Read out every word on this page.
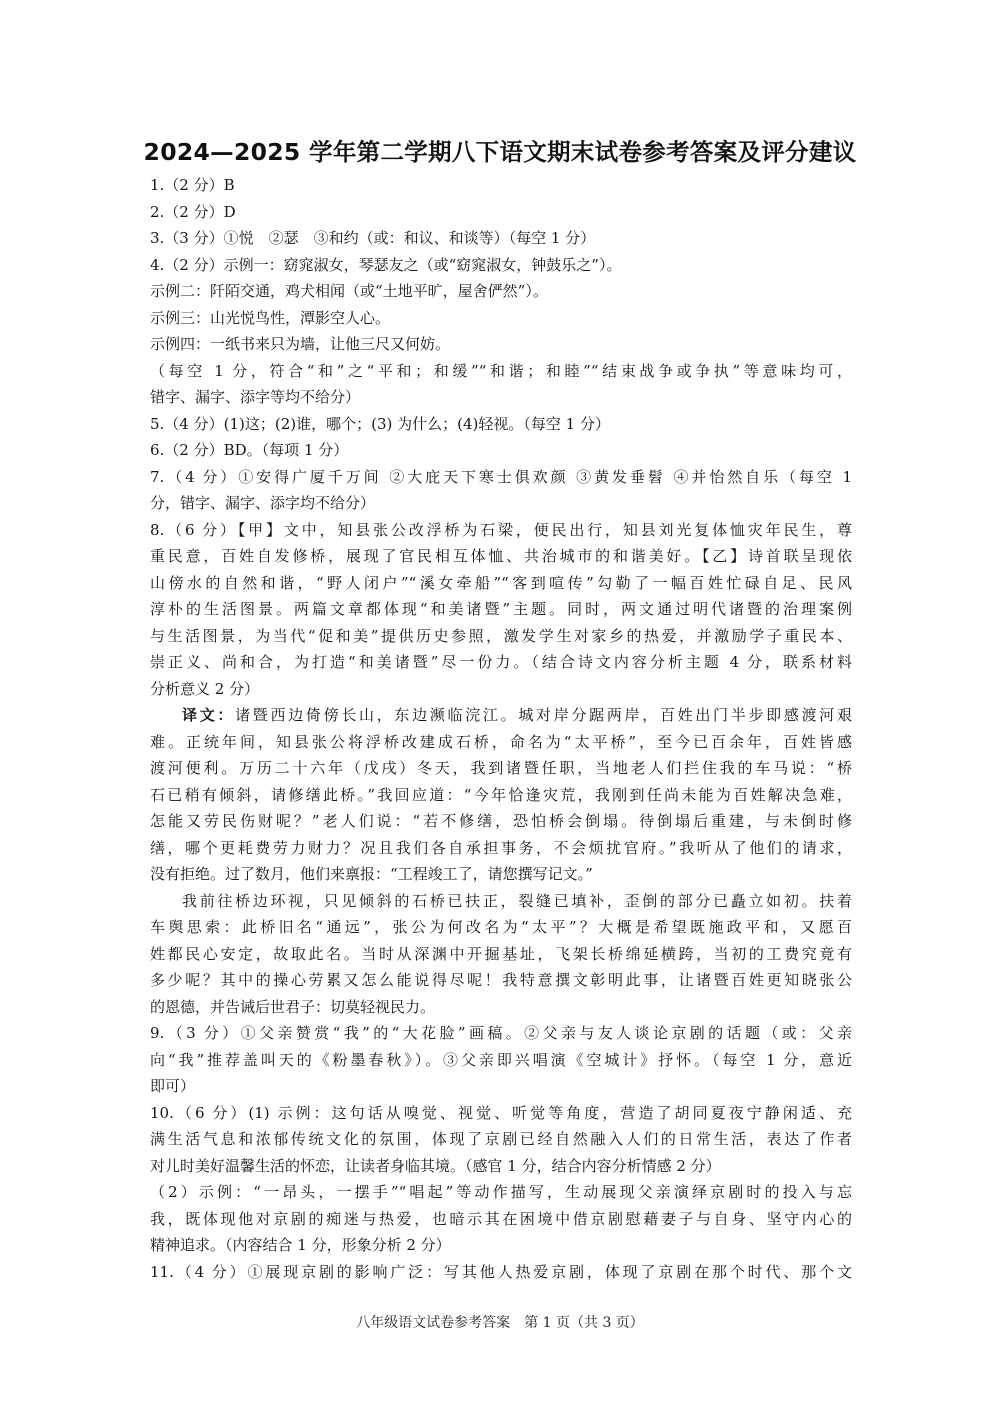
2024—2025 学年第二学期八下语文期末试卷参考答案及评分建议
1.（2 分）B
2.（2 分）D
3.（3 分）①悦　②瑟　③和约（或：和议、和谈等）（每空 1 分）
4.（2 分）示例一：窈窕淑女，琴瑟友之（或“窈窕淑女，钟鼓乐之”）。
示例二：阡陌交通，鸡犬相闻（或“土地平旷，屋舍俨然”）。
示例三：山光悦鸟性，潭影空人心。
示例四：一纸书来只为墙，让他三尺又何妨。
（每空 1 分，符合“和”之“平和；和缓”“和谐；和睦”“结束战争或争执”等意味均可，
错字、漏字、添字等均不给分）
5.（4 分）(1)这；(2)谁，哪个；(3) 为什么；(4)轻视。（每空 1 分）
6.（2 分）BD。（每项 1 分）
7.（4 分）①安得广厦千万间 ②大庇天下寒士俱欢颜 ③黄发垂髫 ④并怡然自乐（每空 1
分，错字、漏字、添字均不给分）
8.（6 分）【甲】文中，知县张公改浮桥为石梁，便民出行，知县刘光复体恤灾年民生，尊
重民意，百姓自发修桥，展现了官民相互体恤、共治城市的和谐美好。【乙】诗首联呈现依
山傍水的自然和谐，“野人闭户”“溪女牵船”“客到喧传”勾勒了一幅百姓忙碌自足、民风
淳朴的生活图景。两篇文章都体现“和美诸暨”主题。同时，两文通过明代诸暨的治理案例
与生活图景，为当代“促和美”提供历史参照，激发学生对家乡的热爱，并激励学子重民本、
崇正义、尚和合，为打造“和美诸暨”尽一份力。（结合诗文内容分析主题 4 分，联系材料
分析意义 2 分）
译文：诸暨西边倚傍长山，东边濒临浣江。城对岸分踞两岸，百姓出门半步即感渡河艰
难。正统年间，知县张公将浮桥改建成石桥，命名为“太平桥”，至今已百余年，百姓皆感
渡河便利。万历二十六年（戊戌）冬天，我到诸暨任职，当地老人们拦住我的车马说：“桥
石已稍有倾斜，请修缮此桥。”我回应道：“今年恰逢灾荒，我刚到任尚未能为百姓解决急难，
怎能又劳民伤财呢？”老人们说：“若不修缮，恐怕桥会倒塌。待倒塌后重建，与未倒时修
缮，哪个更耗费劳力财力？况且我们各自承担事务，不会烦扰官府。”我听从了他们的请求，
没有拒绝。过了数月，他们来禀报：“工程竣工了，请您撰写记文。”
我前往桥边环视，只见倾斜的石桥已扶正，裂缝已填补，歪倒的部分已矗立如初。扶着
车舆思索：此桥旧名“通远”，张公为何改名为“太平”？大概是希望既施政平和，又愿百
姓都民心安定，故取此名。当时从深渊中开掘基址，飞架长桥绵延横跨，当初的工费究竟有
多少呢？其中的操心劳累又怎么能说得尽呢！我特意撰文彰明此事，让诸暨百姓更知晓张公
的恩德，并告诫后世君子：切莫轻视民力。
9.（3 分）①父亲赞赏“我”的“大花脸”画稿。②父亲与友人谈论京剧的话题（或：父亲
向“我”推荐盖叫天的《粉墨春秋》）。③父亲即兴唱演《空城计》抒怀。（每空 1 分，意近
即可）
10.（6 分）(1) 示例：这句话从嗅觉、视觉、听觉等角度，营造了胡同夏夜宁静闲适、充
满生活气息和浓郁传统文化的氛围，体现了京剧已经自然融入人们的日常生活，表达了作者
对儿时美好温馨生活的怀恋，让读者身临其境。（感官 1 分，结合内容分析情感 2 分）
（2）示例：“一昂头，一摆手”“唱起”等动作描写，生动展现父亲演绎京剧时的投入与忘
我，既体现他对京剧的痴迷与热爱，也暗示其在困境中借京剧慰藉妻子与自身、坚守内心的
精神追求。（内容结合 1 分，形象分析 2 分）
11.（4 分）①展现京剧的影响广泛：写其他人热爱京剧，体现了京剧在那个时代、那个文
八年级语文试卷参考答案　第 1 页（共 3 页）
